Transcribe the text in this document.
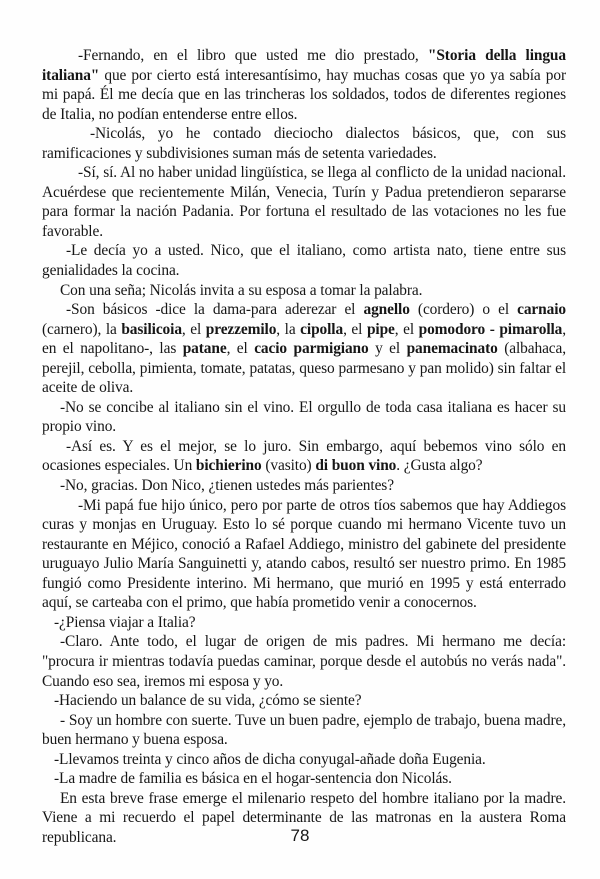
-Fernando, en el libro que usted me dio prestado, "Storia della lingua italiana" que por cierto está interesantísimo, hay muchas cosas que yo ya sabía por mi papá. Él me decía que en las trincheras los soldados, todos de diferentes regiones de Italia, no podían entenderse entre ellos.

-Nicolás, yo he contado dieciocho dialectos básicos, que, con sus ramificaciones y subdivisiones suman más de setenta variedades.

-Sí, sí. Al no haber unidad lingüística, se llega al conflicto de la unidad nacional. Acuérdese que recientemente Milán, Venecia, Turín y Padua pretendieron separarse para formar la nación Padania. Por fortuna el resultado de las votaciones no les fue favorable.

-Le decía yo a usted. Nico, que el italiano, como artista nato, tiene entre sus genialidades la cocina.

Con una seña; Nicolás invita a su esposa a tomar la palabra.

-Son básicos -dice la dama-para aderezar el agnello (cordero) o el carnaio (carnero), la basilicoia, el prezzemilo, la cipolla, el pipe, el pomodoro - pimarolla, en el napolitano-, las patane, el cacio parmigiano y el panemacinato (albahaca, perejil, cebolla, pimienta, tomate, patatas, queso parmesano y pan molido) sin faltar el aceite de oliva.

-No se concibe al italiano sin el vino. El orgullo de toda casa italiana es hacer su propio vino.

-Así es. Y es el mejor, se lo juro. Sin embargo, aquí bebemos vino sólo en ocasiones especiales. Un bichierino (vasito) di buon vino. ¿Gusta algo?

-No, gracias. Don Nico, ¿tienen ustedes más parientes?

-Mi papá fue hijo único, pero por parte de otros tíos sabemos que hay Addiegos curas y monjas en Uruguay. Esto lo sé porque cuando mi hermano Vicente tuvo un restaurante en Méjico, conoció a Rafael Addiego, ministro del gabinete del presidente uruguayo Julio María Sanguinetti y, atando cabos, resultó ser nuestro primo. En 1985 fungió como Presidente interino. Mi hermano, que murió en 1995 y está enterrado aquí, se carteaba con el primo, que había prometido venir a conocernos.

-¿Piensa viajar a Italia?

-Claro. Ante todo, el lugar de origen de mis padres. Mi hermano me decía: "procura ir mientras todavía puedas caminar, porque desde el autobús no verás nada". Cuando eso sea, iremos mi esposa y yo.

-Haciendo un balance de su vida, ¿cómo se siente?

- Soy un hombre con suerte. Tuve un buen padre, ejemplo de trabajo, buena madre, buen hermano y buena esposa.

-Llevamos treinta y cinco años de dicha conyugal-añade doña Eugenia.

-La madre de familia es básica en el hogar-sentencia don Nicolás.

En esta breve frase emerge el milenario respeto del hombre italiano por la madre. Viene a mi recuerdo el papel determinante de las matronas en la austera Roma republicana.	78
